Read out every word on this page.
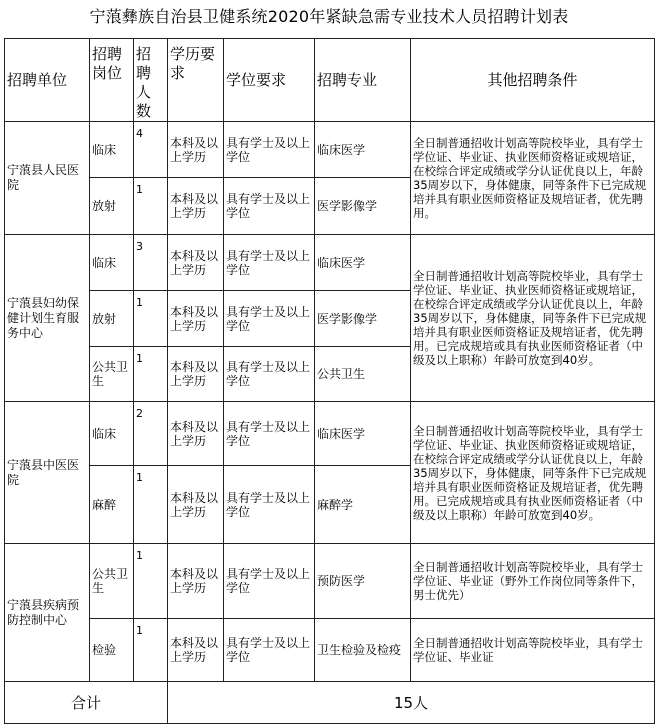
宁蒗彝族自治县卫健系统2020年紧缺急需专业技术人员招聘计划表
招聘单位	招聘岗位	招聘人数	学历要求	学位要求	招聘专业	其他招聘条件
宁蒗县人民医院	临床	4	本科及以上学历	具有学士及以上学位	临床医学	全日制普通招收计划高等院校毕业，具有学士学位证、毕业证、执业医师资格证或规培证，在校综合评定成绩或学分认证优良以上，年龄35周岁以下，身体健康，同等条件下已完成规培并具有职业医师资格证及规培证者，优先聘用。
	放射	1	本科及以上学历	具有学士及以上学位	医学影像学	
宁蒗县妇幼保健计划生育服务中心	临床	3	本科及以上学历	具有学士及以上学位	临床医学	全日制普通招收计划高等院校毕业，具有学士学位证、毕业证、执业医师资格证或规培证，在校综合评定成绩或学分认证优良以上，年龄35周岁以下，身体健康，同等条件下已完成规培并具有职业医师资格证及规培证者，优先聘用。已完成规培或具有执业医师资格证者（中级及以上职称）年龄可放宽到40岁。
	放射	1	本科及以上学历	具有学士及以上学位	医学影像学	
	公共卫生	1	本科及以上学历	具有学士及以上学位	公共卫生	
宁蒗县中医医院	临床	2	本科及以上学历	具有学士及以上学位	临床医学	全日制普通招收计划高等院校毕业，具有学士学位证、毕业证、执业医师资格证或规培证，在校综合评定成绩或学分认证优良以上，年龄35周岁以下，身体健康，同等条件下已完成规培并具有职业医师资格证及规培证者，优先聘用。已完成规培或具有执业医师资格证者（中级及以上职称）年龄可放宽到40岁。
	麻醉	1	本科及以上学历	具有学士及以上学位	麻醉学	
宁蒗县疾病预防控制中心	公共卫生	1	本科及以上学历	具有学士及以上学位	预防医学	全日制普通招收计划高等院校毕业，具有学士学位证、毕业证（野外工作岗位同等条件下，男士优先）
	检验	1	本科及以上学历	具有学士及以上学位	卫生检验及检疫	全日制普通招收计划高等院校毕业，具有学士学位证、毕业证
合计			15人			
